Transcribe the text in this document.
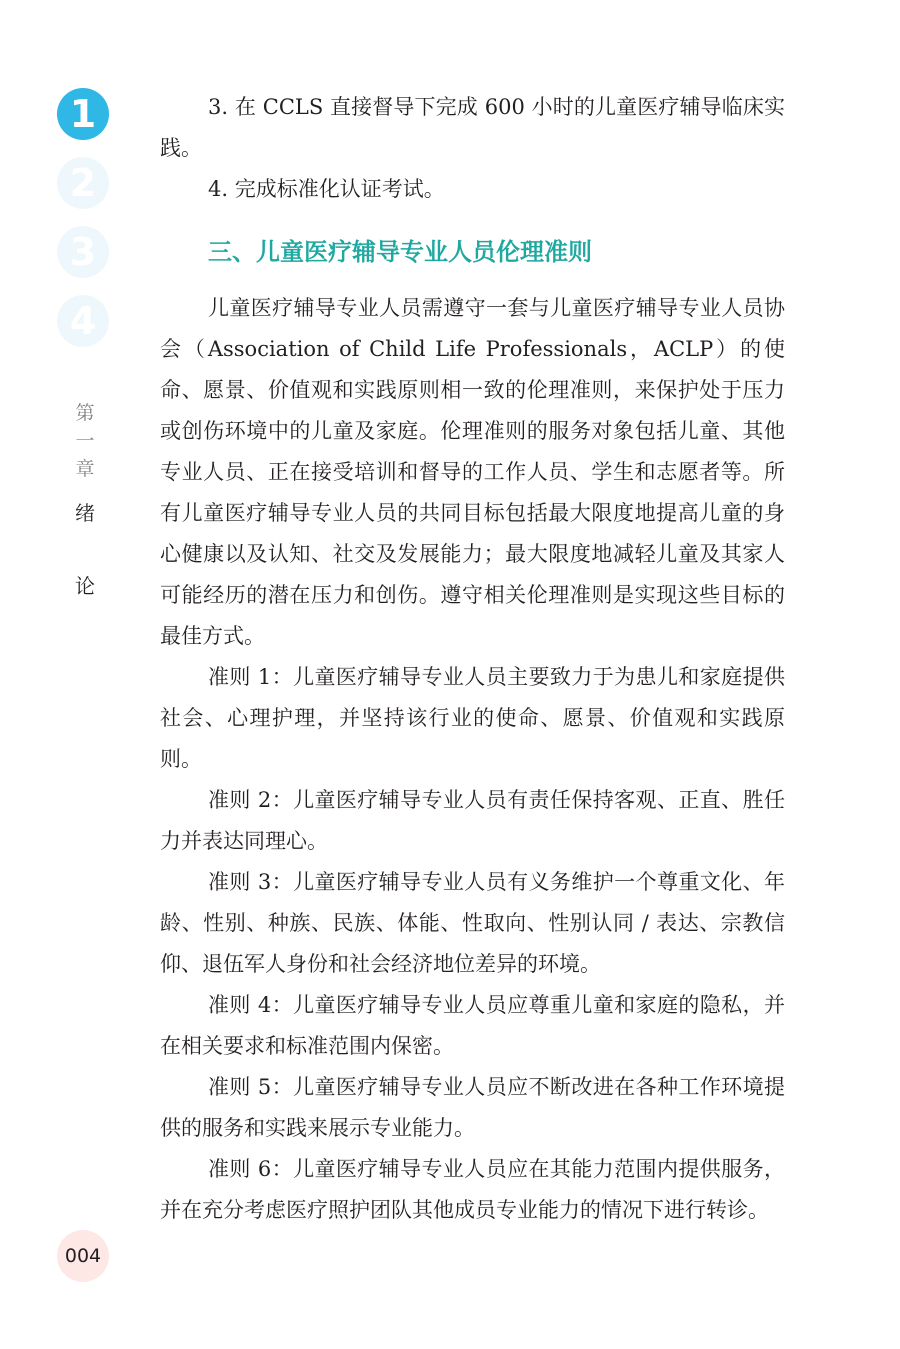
1
2
3
4
第
一
章
绪
论
004

3. 在 CCLS 直接督导下完成 600 小时的儿童医疗辅导临床实践。

4. 完成标准化认证考试。

三、儿童医疗辅导专业人员伦理准则

儿童医疗辅导专业人员需遵守一套与儿童医疗辅导专业人员协会（Association of Child Life Professionals，ACLP）的使命、愿景、价值观和实践原则相一致的伦理准则，来保护处于压力或创伤环境中的儿童及家庭。伦理准则的服务对象包括儿童、其他专业人员、正在接受培训和督导的工作人员、学生和志愿者等。所有儿童医疗辅导专业人员的共同目标包括最大限度地提高儿童的身心健康以及认知、社交及发展能力；最大限度地减轻儿童及其家人可能经历的潜在压力和创伤。遵守相关伦理准则是实现这些目标的最佳方式。

准则 1：儿童医疗辅导专业人员主要致力于为患儿和家庭提供社会、心理护理，并坚持该行业的使命、愿景、价值观和实践原则。

准则 2：儿童医疗辅导专业人员有责任保持客观、正直、胜任力并表达同理心。

准则 3：儿童医疗辅导专业人员有义务维护一个尊重文化、年龄、性别、种族、民族、体能、性取向、性别认同 / 表达、宗教信仰、退伍军人身份和社会经济地位差异的环境。

准则 4：儿童医疗辅导专业人员应尊重儿童和家庭的隐私，并在相关要求和标准范围内保密。

准则 5：儿童医疗辅导专业人员应不断改进在各种工作环境提供的服务和实践来展示专业能力。

准则 6：儿童医疗辅导专业人员应在其能力范围内提供服务，并在充分考虑医疗照护团队其他成员专业能力的情况下进行转诊。
